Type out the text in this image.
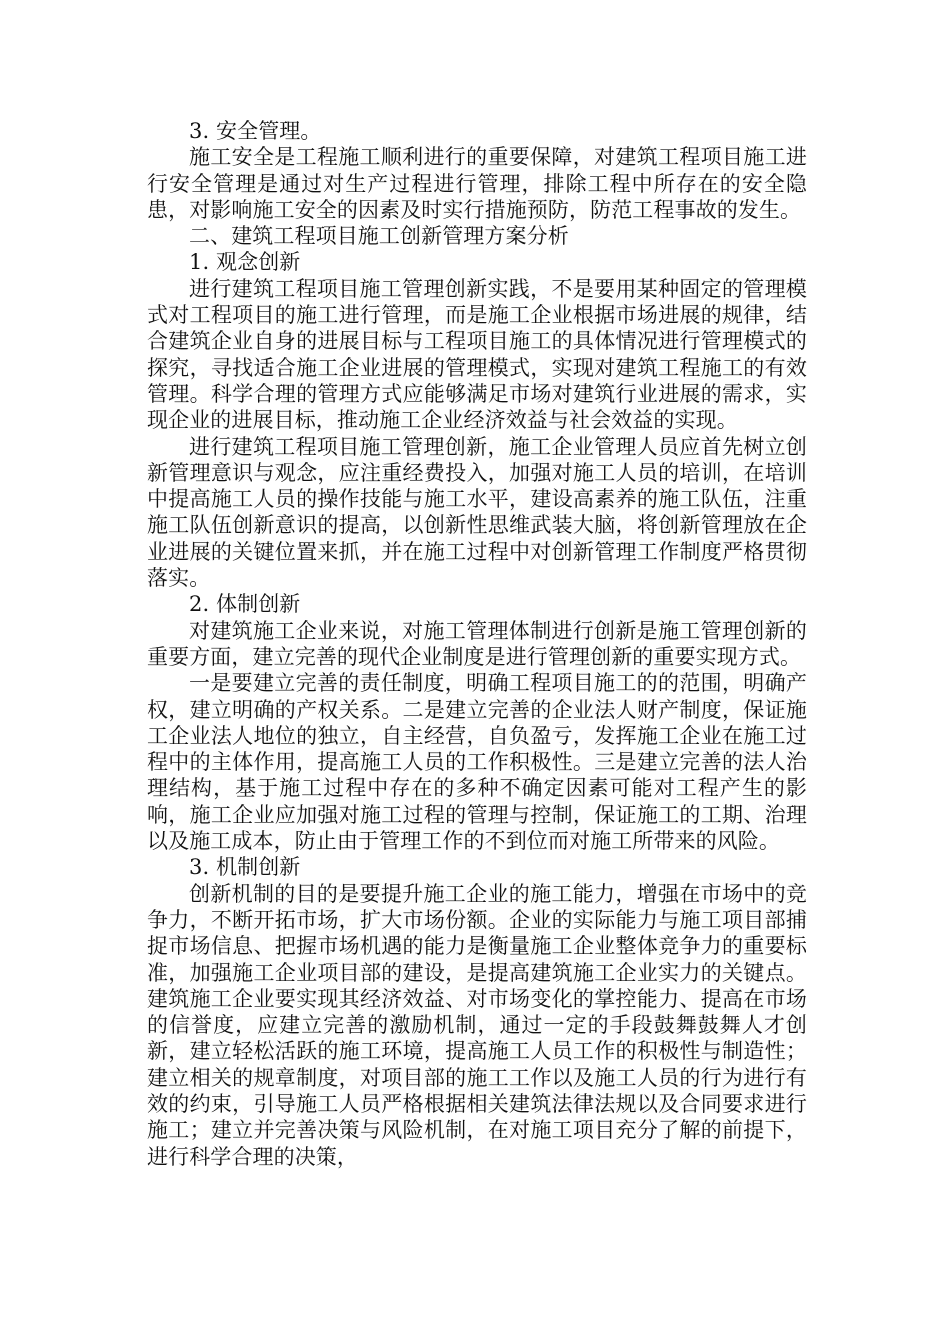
3. 安全管理。

施工安全是工程施工顺利进行的重要保障，对建筑工程项目施工进行安全管理是通过对生产过程进行管理，排除工程中所存在的安全隐患，对影响施工安全的因素及时实行措施预防，防范工程事故的发生。

二、建筑工程项目施工创新管理方案分析

1. 观念创新

进行建筑工程项目施工管理创新实践，不是要用某种固定的管理模式对工程项目的施工进行管理，而是施工企业根据市场进展的规律，结合建筑企业自身的进展目标与工程项目施工的具体情况进行管理模式的探究，寻找适合施工企业进展的管理模式，实现对建筑工程施工的有效管理。科学合理的管理方式应能够满足市场对建筑行业进展的需求，实现企业的进展目标，推动施工企业经济效益与社会效益的实现。

进行建筑工程项目施工管理创新，施工企业管理人员应首先树立创新管理意识与观念，应注重经费投入，加强对施工人员的培训，在培训中提高施工人员的操作技能与施工水平，建设高素养的施工队伍，注重施工队伍创新意识的提高，以创新性思维武装大脑，将创新管理放在企业进展的关键位置来抓，并在施工过程中对创新管理工作制度严格贯彻落实。

2. 体制创新

对建筑施工企业来说，对施工管理体制进行创新是施工管理创新的重要方面，建立完善的现代企业制度是进行管理创新的重要实现方式。

一是要建立完善的责任制度，明确工程项目施工的的范围，明确产权，建立明确的产权关系。二是建立完善的企业法人财产制度，保证施工企业法人地位的独立，自主经营，自负盈亏，发挥施工企业在施工过程中的主体作用，提高施工人员的工作积极性。三是建立完善的法人治理结构，基于施工过程中存在的多种不确定因素可能对工程产生的影响，施工企业应加强对施工过程的管理与控制，保证施工的工期、治理以及施工成本，防止由于管理工作的不到位而对施工所带来的风险。

3. 机制创新

创新机制的目的是要提升施工企业的施工能力，增强在市场中的竞争力，不断开拓市场，扩大市场份额。企业的实际能力与施工项目部捕捉市场信息、把握市场机遇的能力是衡量施工企业整体竞争力的重要标准，加强施工企业项目部的建设，是提高建筑施工企业实力的关键点。建筑施工企业要实现其经济效益、对市场变化的掌控能力、提高在市场的信誉度，应建立完善的激励机制，通过一定的手段鼓舞鼓舞人才创新，建立轻松活跃的施工环境，提高施工人员工作的积极性与制造性；建立相关的规章制度，对项目部的施工工作以及施工人员的行为进行有效的约束，引导施工人员严格根据相关建筑法律法规以及合同要求进行施工；建立并完善决策与风险机制，在对施工项目充分了解的前提下，进行科学合理的决策，
